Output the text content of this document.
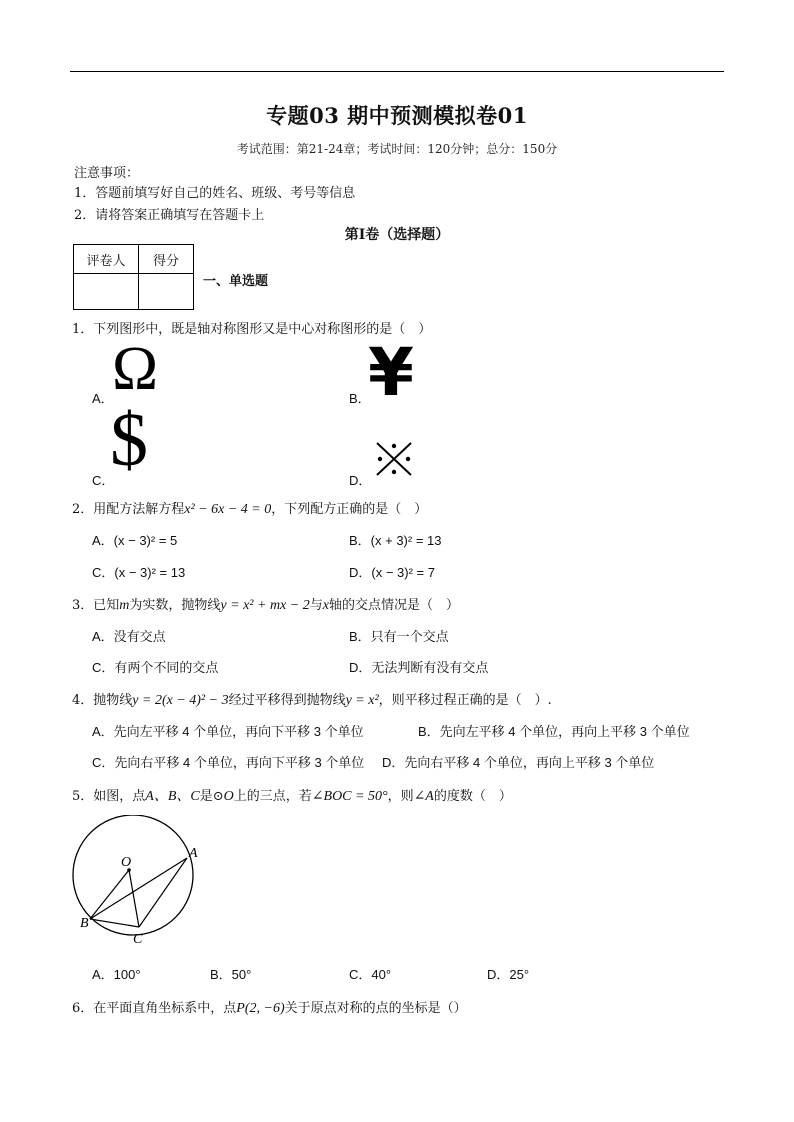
专题03 期中预测模拟卷01
考试范围：第21-24章；考试时间：120分钟；总分：150分
注意事项：
1．答题前填写好自己的姓名、班级、考号等信息
2．请将答案正确填写在答题卡上
第I卷（选择题）
评卷人	得分

一、单选题
1．下列图形中，既是轴对称图形又是中心对称图形的是（　）
A．
Ω	B．
¥
C．
$	D．
2．用配方法解方程x² − 6x − 4 = 0，下列配方正确的是（　）
A．(x − 3)² = 5	B．(x + 3)² = 13
C．(x − 3)² = 13	D．(x − 3)² = 7
3．已知m为实数，抛物线y = x² + mx − 2与x轴的交点情况是（　）
A．没有交点	B．只有一个交点
C．有两个不同的交点	D．无法判断有没有交点
4．抛物线y = 2(x − 4)² − 3经过平移得到抛物线y = x²，则平移过程正确的是（　）.
A．先向左平移 4 个单位，再向下平移 3 个单位	B．先向左平移 4 个单位，再向上平移 3 个单位
C．先向右平移 4 个单位，再向下平移 3 个单位 D．先向右平移 4 个单位，再向上平移 3 个单位
5．如图，点A、B、C是⊙O上的三点，若∠BOC = 50°，则∠A的度数（　）
O
A
B
C
A．100°	B．50°	C．40°	D．25°
6．在平面直角坐标系中，点P(2, −6)关于原点对称的点的坐标是（）
